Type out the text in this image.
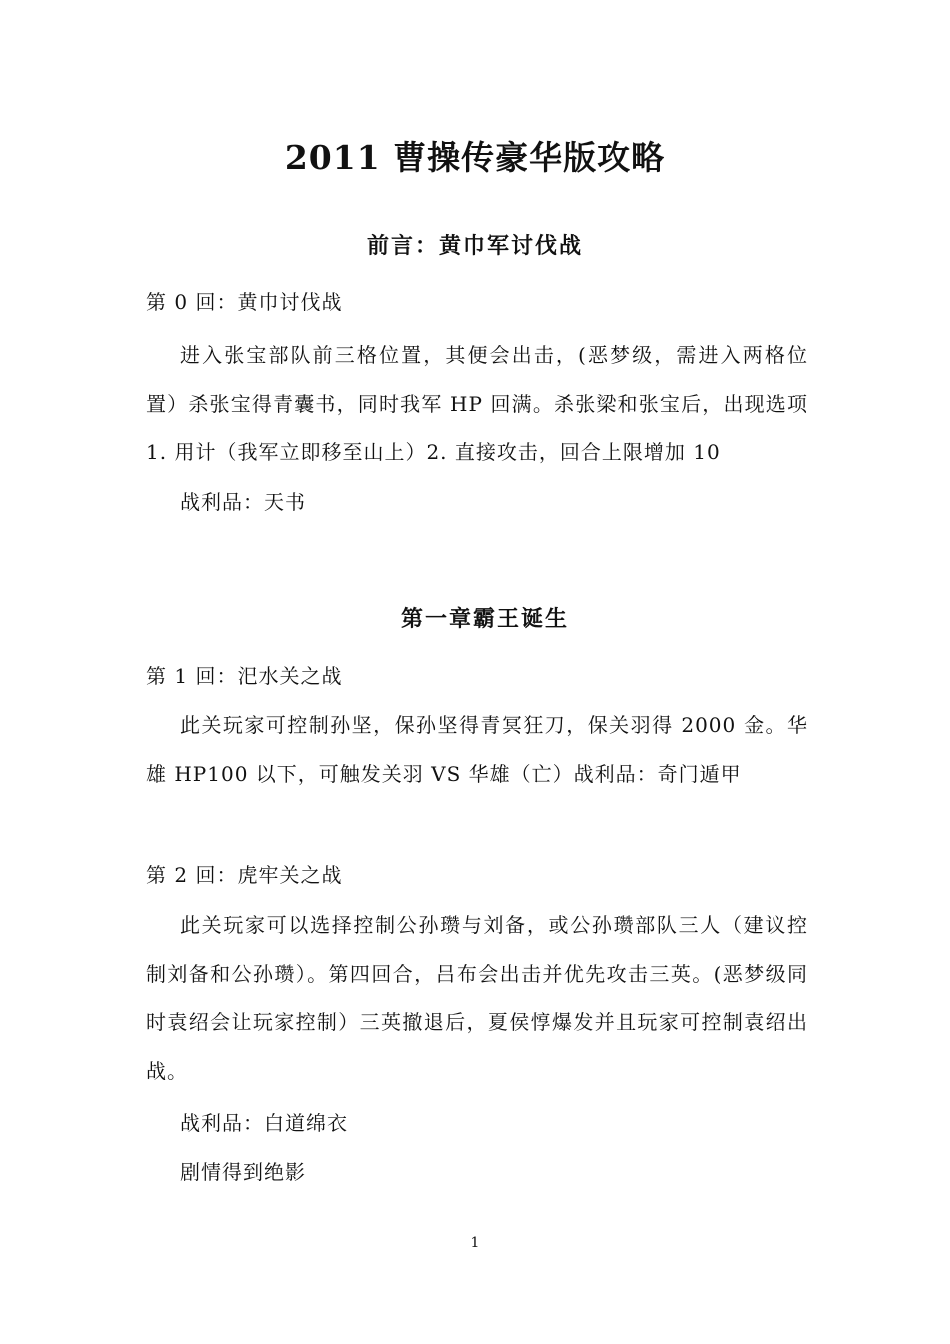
2011 曹操传豪华版攻略
前言：黄巾军讨伐战

第 0 回：黄巾讨伐战

进入张宝部队前三格位置，其便会出击，(恶梦级，需进入两格位置）杀张宝得青囊书，同时我军 HP 回满。杀张梁和张宝后，出现选项 1. 用计（我军立即移至山上）2. 直接攻击，回合上限增加 10

战利品：天书

第一章霸王诞生

第 1 回：汜水关之战

此关玩家可控制孙坚，保孙坚得青冥狂刀，保关羽得 2000 金。华雄 HP100 以下，可触发关羽 VS 华雄（亡）战利品：奇门遁甲

第 2 回：虎牢关之战

此关玩家可以选择控制公孙瓒与刘备，或公孙瓒部队三人（建议控制刘备和公孙瓒）。第四回合，吕布会出击并优先攻击三英。(恶梦级同时袁绍会让玩家控制）三英撤退后，夏侯惇爆发并且玩家可控制袁绍出战。

战利品：白道绵衣

剧情得到绝影

1
